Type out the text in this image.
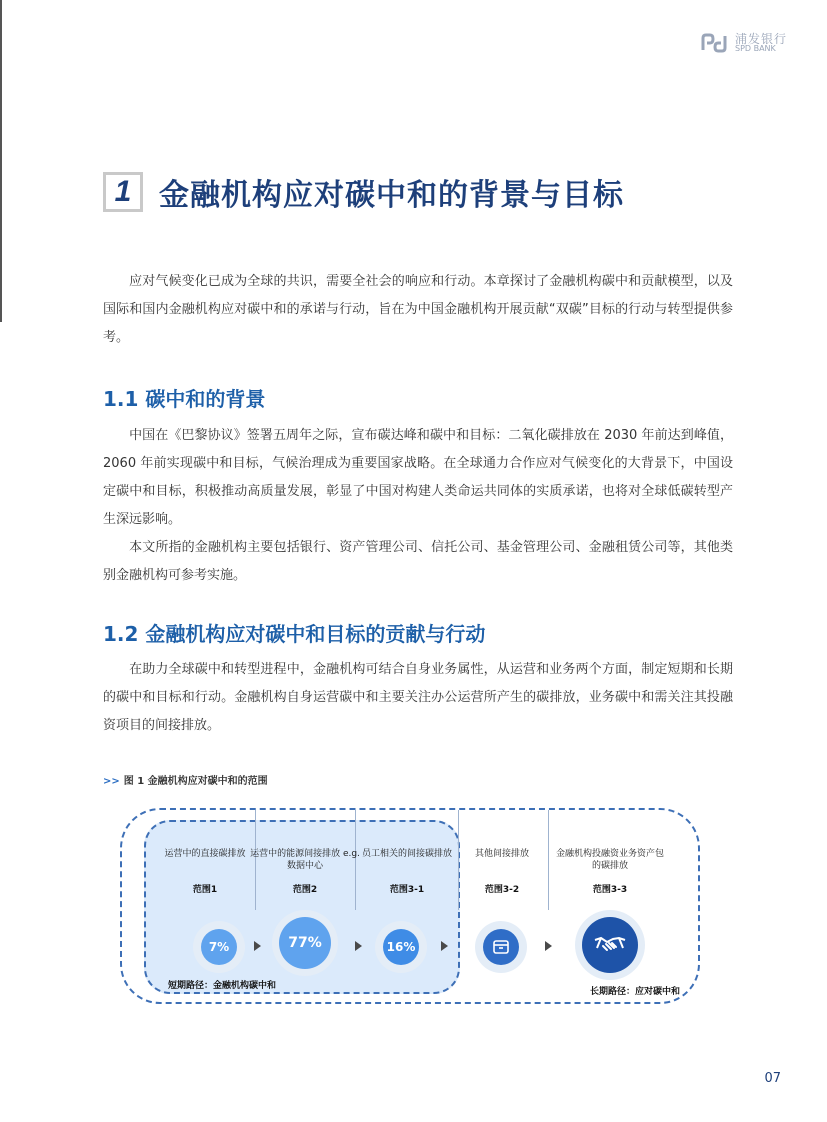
浦发银行
SPD BANK
1 金融机构应对碳中和的背景与目标

应对气候变化已成为全球的共识，需要全社会的响应和行动。本章探讨了金融机构碳中和贡献模型，以及国际和国内金融机构应对碳中和的承诺与行动，旨在为中国金融机构开展贡献“双碳”目标的行动与转型提供参考。

1.1 碳中和的背景

中国在《巴黎协议》签署五周年之际，宣布碳达峰和碳中和目标：二氧化碳排放在 2030 年前达到峰值，2060 年前实现碳中和目标，气候治理成为重要国家战略。在全球通力合作应对气候变化的大背景下，中国设定碳中和目标，积极推动高质量发展，彰显了中国对构建人类命运共同体的实质承诺，也将对全球低碳转型产生深远影响。

本文所指的金融机构主要包括银行、资产管理公司、信托公司、基金管理公司、金融租赁公司等，其他类别金融机构可参考实施。

1.2 金融机构应对碳中和目标的贡献与行动

在助力全球碳中和转型进程中，金融机构可结合自身业务属性，从运营和业务两个方面，制定短期和长期的碳中和目标和行动。金融机构自身运营碳中和主要关注办公运营所产生的碳排放，业务碳中和需关注其投融资项目的间接排放。

>> 图 1 金融机构应对碳中和的范围
运营中的直接碳排放
范围1
运营中的能源间接排放 e.g. 数据中心
范围2
员工相关的间接碳排放
范围3-1
其他间接排放
范围3-2
金融机构投融资业务资产包的碳排放
范围3-3
7%	77%	16%
短期路径：金融机构碳中和
长期路径：应对碳中和
07
